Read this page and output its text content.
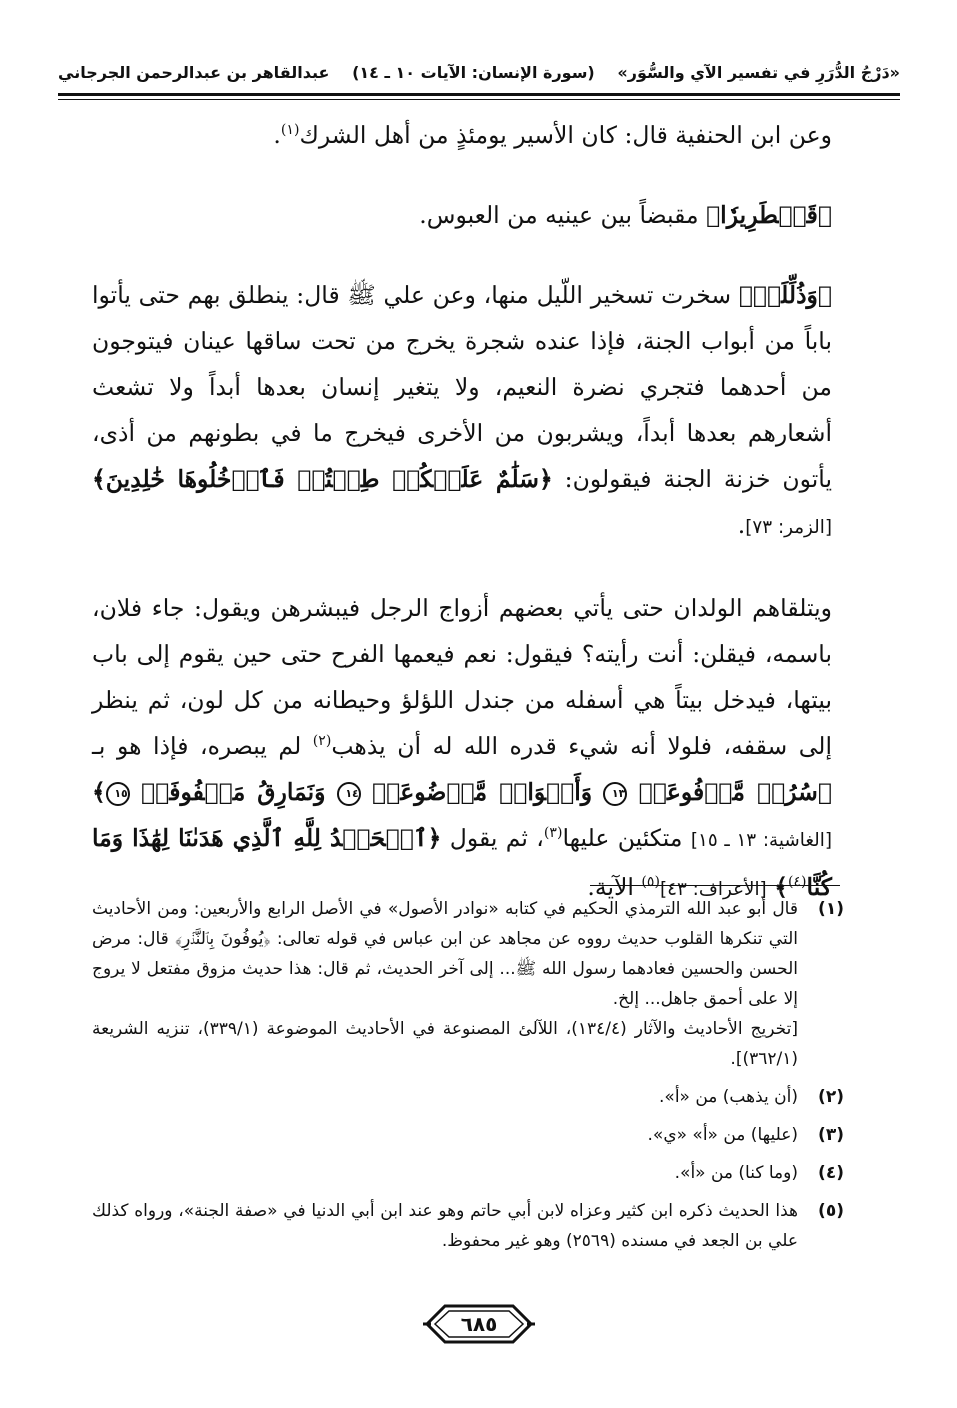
«دَرْجُ الدُّرَرِ في تفسير الآي والسُّوَر»
(سورة الإنسان: الآيات ١٠ ـ ١٤)
عبدالقاهر بن عبدالرحمن الجرجاني

وعن ابن الحنفية قال: كان الأسير يومئذٍ من أهل الشرك$^{(١)}$.

﴿قَمۡطَرِيرٗا﴾ مقبضاً بين عينيه من العبوس.

﴿وَذُلِّلَتۡ﴾ سخرت تسخير اللّيل منها، وعن علي ﷺ قال: ينطلق بهم حتى يأتوا باباً من أبواب الجنة، فإذا عنده شجرة يخرج من تحت ساقها عينان فيتوجون من أحدهما فتجري نضرة النعيم، ولا يتغير إنسان بعدها أبداً ولا تشعث أشعارهم بعدها أبداً، ويشربون من الأخرى فيخرج ما في بطونهم من أذى، يأتون خزنة الجنة فيقولون: ﴿سَلَٰمٌ عَلَيۡكُمۡ طِبۡتُمۡ فَٱدۡخُلُوهَا خَٰلِدِينَ﴾ [الزمر: ٧٣].

ويتلقاهم الولدان حتى يأتي بعضهم أزواج الرجل فيبشرهن ويقول: جاء فلان، باسمه، فيقلن: أنت رأيته؟ فيقول: نعم فيعمها الفرح حتى حين يقوم إلى باب بيتها، فيدخل بيتاً هي أسفله من جندل اللؤلؤ وحيطانه من كل لون، ثم ينظر إلى سقفه، فلولا أنه شيء قدره الله له أن يذهب$^{(٢)}$ لم يبصره، فإذا هو بـ ﴿سُرُرٞ مَّرۡفُوعَةٞ ١٣ وَأَكۡوَابٞ مَّوۡضُوعَةٞ ١٤ وَنَمَارِقُ مَصۡفُوفَةٞ ١٥﴾ [الغاشية: ١٣ ـ ١٥] متكئين عليها$^{(٣)}$، ثم يقول ﴿ٱلۡحَمۡدُ لِلَّهِ ٱلَّذِي هَدَىٰنَا لِهَٰذَا وَمَا كُنَّا$^{(٤)}$﴾ [الأعراف: ٤٣]$^{(٥)}$ الآية.

(١)
قال أبو عبد الله الترمذي الحكيم في كتابه «نوادر الأصول» في الأصل الرابع والأربعين: ومن الأحاديث التي تنكرها القلوب حديث رووه عن مجاهد عن ابن عباس في قوله تعالى: ﴿يُوفُونَ بِٱلنَّذۡرِ﴾ قال: مرض الحسن والحسين فعادهما رسول الله ﷺ... إلى آخر الحديث، ثم قال: هذا حديث مزوق مفتعل لا يروج إلا على أحمق جاهل... إلخ.
[تخريج الأحاديث والآثار (١٣٤/٤)، اللآلئ المصنوعة في الأحاديث الموضوعة (٣٣٩/١)، تنزيه الشريعة (٣٦٢/١)].
(٢)
(أن يذهب) من «أ».
(٣)
(عليها) من «أ» «ي».
(٤)
(وما كنا) من «أ».
(٥)
هذا الحديث ذكره ابن كثير وعزاه لابن أبي حاتم وهو عند ابن أبي الدنيا في «صفة الجنة»، ورواه كذلك علي بن الجعد في مسنده (٢٥٦٩) وهو غير محفوظ.
٦٨٥
